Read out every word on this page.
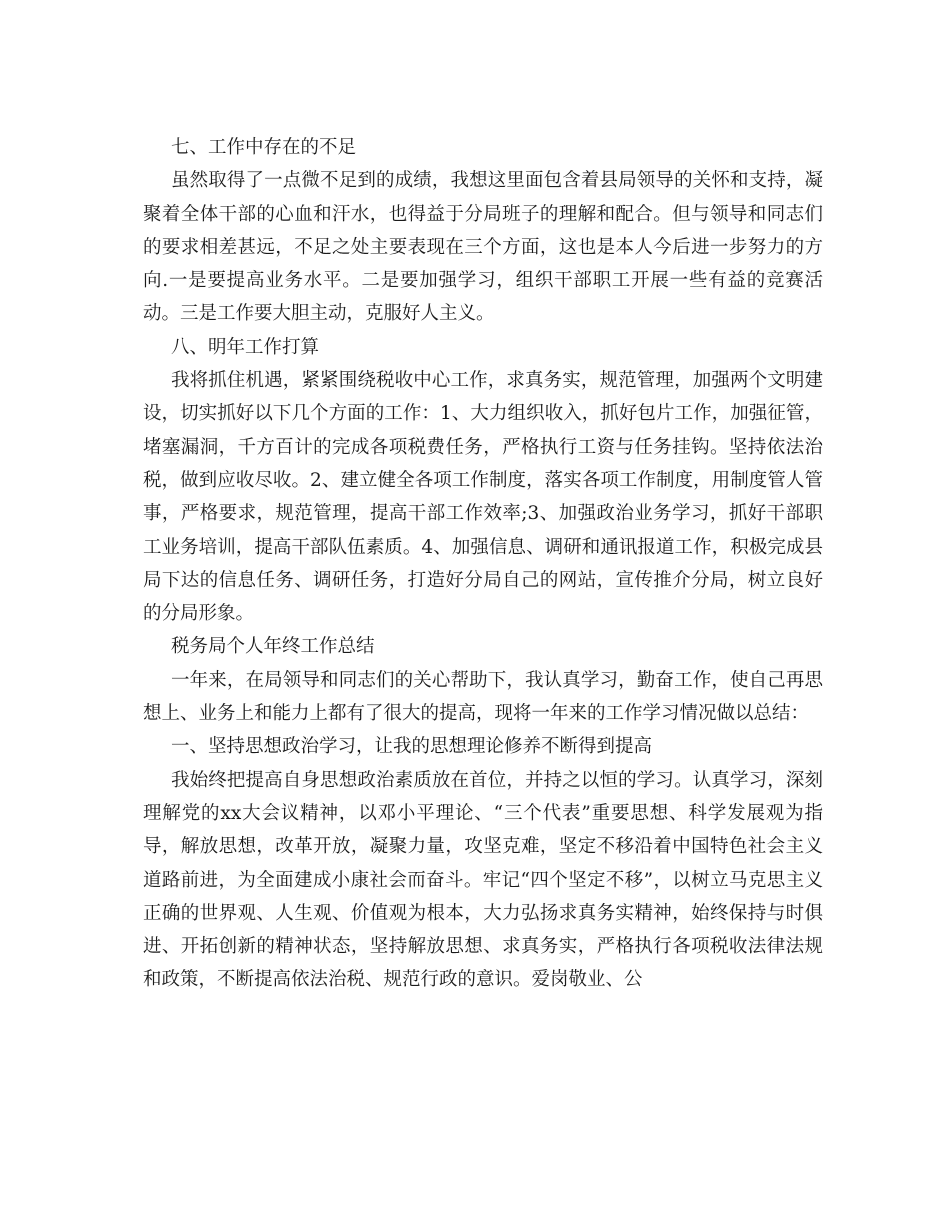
七、工作中存在的不足

虽然取得了一点微不足到的成绩，我想这里面包含着县局领导的关怀和支持，凝聚着全体干部的心血和汗水，也得益于分局班子的理解和配合。但与领导和同志们的要求相差甚远，不足之处主要表现在三个方面，这也是本人今后进一步努力的方向.一是要提高业务水平。二是要加强学习，组织干部职工开展一些有益的竞赛活动。三是工作要大胆主动，克服好人主义。

八、明年工作打算

我将抓住机遇，紧紧围绕税收中心工作，求真务实，规范管理，加强两个文明建设，切实抓好以下几个方面的工作：1、大力组织收入，抓好包片工作，加强征管，堵塞漏洞，千方百计的完成各项税费任务，严格执行工资与任务挂钩。坚持依法治税，做到应收尽收。2、建立健全各项工作制度，落实各项工作制度，用制度管人管事，严格要求，规范管理，提高干部工作效率;3、加强政治业务学习，抓好干部职工业务培训，提高干部队伍素质。4、加强信息、调研和通讯报道工作，积极完成县局下达的信息任务、调研任务，打造好分局自己的网站，宣传推介分局，树立良好的分局形象。

税务局个人年终工作总结

一年来，在局领导和同志们的关心帮助下，我认真学习，勤奋工作，使自己再思想上、业务上和能力上都有了很大的提高，现将一年来的工作学习情况做以总结：

一、坚持思想政治学习，让我的思想理论修养不断得到提高

我始终把提高自身思想政治素质放在首位，并持之以恒的学习。认真学习，深刻理解党的xx大会议精神，以邓小平理论、“三个代表”重要思想、科学发展观为指导，解放思想，改革开放，凝聚力量，攻坚克难，坚定不移沿着中国特色社会主义道路前进，为全面建成小康社会而奋斗。牢记“四个坚定不移”，以树立马克思主义正确的世界观、人生观、价值观为根本，大力弘扬求真务实精神，始终保持与时俱进、开拓创新的精神状态，坚持解放思想、求真务实，严格执行各项税收法律法规和政策，不断提高依法治税、规范行政的意识。爱岗敬业、公
